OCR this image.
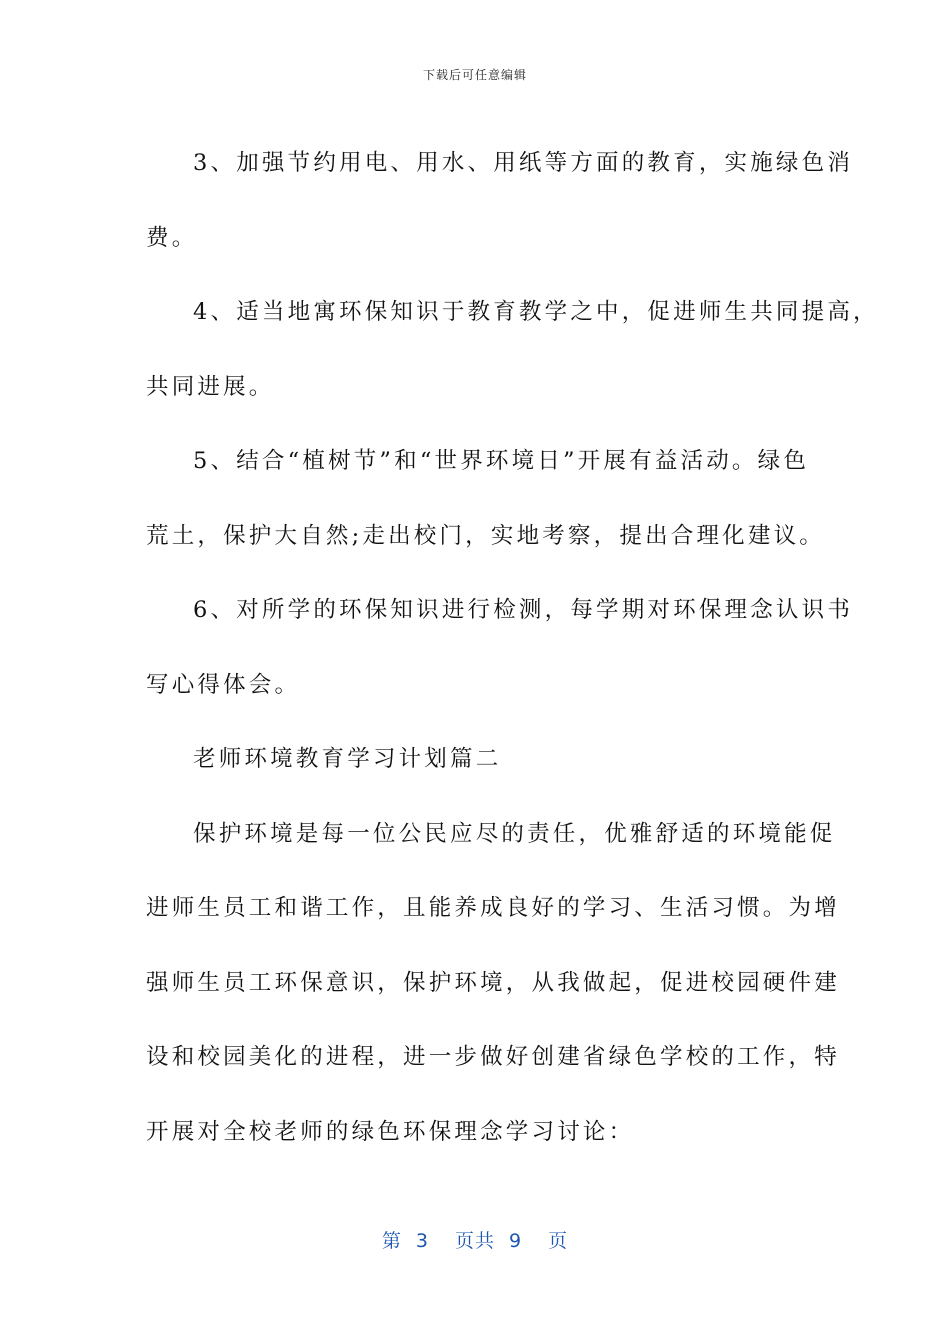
下载后可任意编辑
3、加强节约用电、用水、用纸等方面的教育，实施绿色消
费。
4、适当地寓环保知识于教育教学之中，促进师生共同提高，
共同进展。
5、结合“植树节”和“世界环境日”开展有益活动。绿色
荒土，保护大自然;走出校门，实地考察，提出合理化建议。
6、对所学的环保知识进行检测，每学期对环保理念认识书
写心得体会。
老师环境教育学习计划篇二
保护环境是每一位公民应尽的责任，优雅舒适的环境能促
进师生员工和谐工作，且能养成良好的学习、生活习惯。为增
强师生员工环保意识，保护环境，从我做起，促进校园硬件建
设和校园美化的进程，进一步做好创建省绿色学校的工作，特
开展对全校老师的绿色环保理念学习讨论：
第 3 页共 9 页
